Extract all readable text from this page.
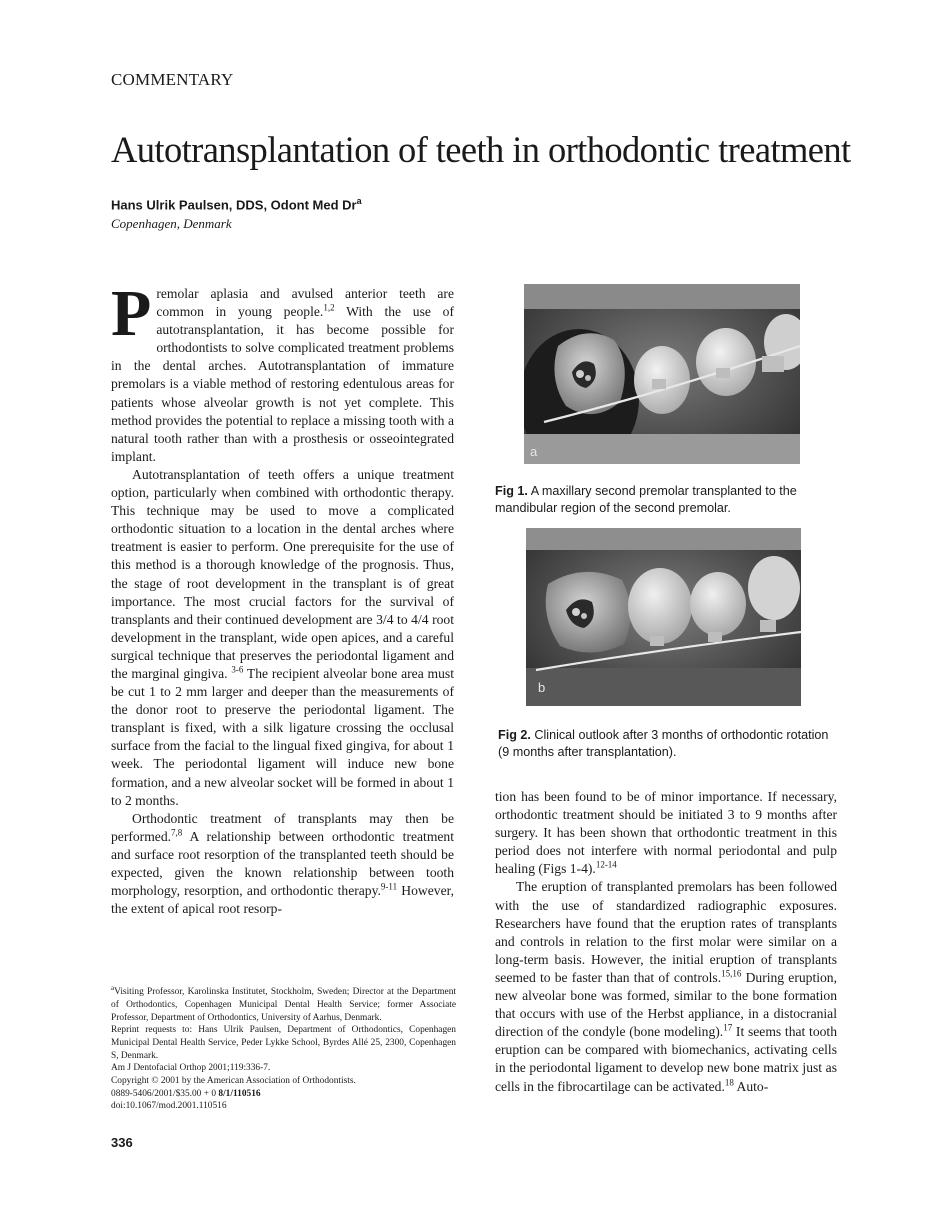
COMMENTARY
Autotransplantation of teeth in orthodontic treatment
Hans Ulrik Paulsen, DDS, Odont Med Dr$^a$
Copenhagen, Denmark

Premolar aplasia and avulsed anterior teeth are common in young people.$^{1,2}$ With the use of autotransplantation, it has become possible for orthodontists to solve complicated treatment problems in the dental arches. Autotransplantation of immature premolars is a viable method of restoring edentulous areas for patients whose alveolar growth is not yet complete. This method provides the potential to replace a missing tooth with a natural tooth rather than with a prosthesis or osseointegrated implant.

Autotransplantation of teeth offers a unique treatment option, particularly when combined with orthodontic therapy. This technique may be used to move a complicated orthodontic situation to a location in the dental arches where treatment is easier to perform. One prerequisite for the use of this method is a thorough knowledge of the prognosis. Thus, the stage of root development in the transplant is of great importance. The most crucial factors for the survival of transplants and their continued development are 3/4 to 4/4 root development in the transplant, wide open apices, and a careful surgical technique that preserves the periodontal ligament and the marginal gingiva. $^{3-6}$ The recipient alveolar bone area must be cut 1 to 2 mm larger and deeper than the measurements of the donor root to preserve the periodontal ligament. The transplant is fixed, with a silk ligature crossing the occlusal surface from the facial to the lingual fixed gingiva, for about 1 week. The periodontal ligament will induce new bone formation, and a new alveolar socket will be formed in about 1 to 2 months.

Orthodontic treatment of transplants may then be performed.$^{7,8}$ A relationship between orthodontic treatment and surface root resorption of the transplanted teeth should be expected, given the known relationship between tooth morphology, resorption, and orthodontic therapy.$^{9-11}$ However, the extent of apical root resorp-

a
Fig 1. A maxillary second premolar transplanted to the mandibular region of the second premolar.
b
Fig 2. Clinical outlook after 3 months of orthodontic rotation (9 months after transplantation).

tion has been found to be of minor importance. If necessary, orthodontic treatment should be initiated 3 to 9 months after surgery. It has been shown that orthodontic treatment in this period does not interfere with normal periodontal and pulp healing (Figs 1-4).$^{12-14}$

The eruption of transplanted premolars has been followed with the use of standardized radiographic exposures. Researchers have found that the eruption rates of transplants and controls in relation to the first molar were similar on a long-term basis. However, the initial eruption of transplants seemed to be faster than that of controls.$^{15,16}$ During eruption, new alveolar bone was formed, similar to the bone formation that occurs with use of the Herbst appliance, in a distocranial direction of the condyle (bone modeling).$^{17}$ It seems that tooth eruption can be compared with biomechanics, activating cells in the periodontal ligament to develop new bone matrix just as cells in the fibrocartilage can be activated.$^{18}$ Auto-

$^a$Visiting Professor, Karolinska Institutet, Stockholm, Sweden; Director at the Department of Orthodontics, Copenhagen Municipal Dental Health Service; former Associate Professor, Department of Orthodontics, University of Aarhus, Denmark.

Reprint requests to: Hans Ulrik Paulsen, Department of Orthodontics, Copenhagen Municipal Dental Health Service, Peder Lykke School, Byrdes Allé 25, 2300, Copenhagen S, Denmark.

Am J Dentofacial Orthop 2001;119:336-7.

Copyright © 2001 by the American Association of Orthodontists.

0889-5406/2001/$35.00 + 0 8/1/110516

doi:10.1067/mod.2001.110516

336
